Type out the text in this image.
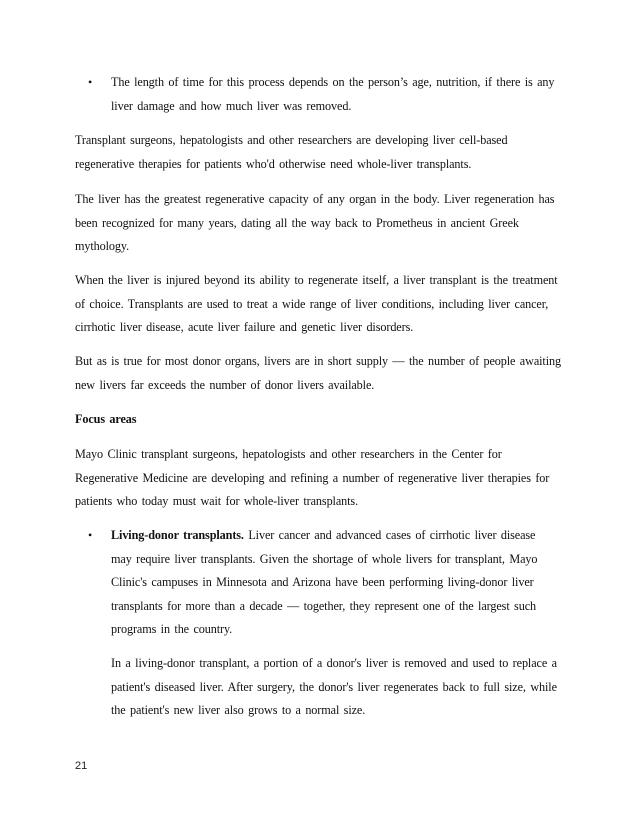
• The length of time for this process depends on the person’s age, nutrition, if there is any
liver damage and how much liver was removed.
Transplant surgeons, hepatologists and other researchers are developing liver cell-based
regenerative therapies for patients who'd otherwise need whole-liver transplants.
The liver has the greatest regenerative capacity of any organ in the body. Liver regeneration has
been recognized for many years, dating all the way back to Prometheus in ancient Greek
mythology.
When the liver is injured beyond its ability to regenerate itself, a liver transplant is the treatment
of choice. Transplants are used to treat a wide range of liver conditions, including liver cancer,
cirrhotic liver disease, acute liver failure and genetic liver disorders.
But as is true for most donor organs, livers are in short supply — the number of people awaiting
new livers far exceeds the number of donor livers available.
Focus areas
Mayo Clinic transplant surgeons, hepatologists and other researchers in the Center for
Regenerative Medicine are developing and refining a number of regenerative liver therapies for
patients who today must wait for whole-liver transplants.
• Living-donor transplants. Liver cancer and advanced cases of cirrhotic liver disease
may require liver transplants. Given the shortage of whole livers for transplant, Mayo
Clinic's campuses in Minnesota and Arizona have been performing living-donor liver
transplants for more than a decade — together, they represent one of the largest such
programs in the country.
In a living-donor transplant, a portion of a donor's liver is removed and used to replace a
patient's diseased liver. After surgery, the donor's liver regenerates back to full size, while
the patient's new liver also grows to a normal size.
21
